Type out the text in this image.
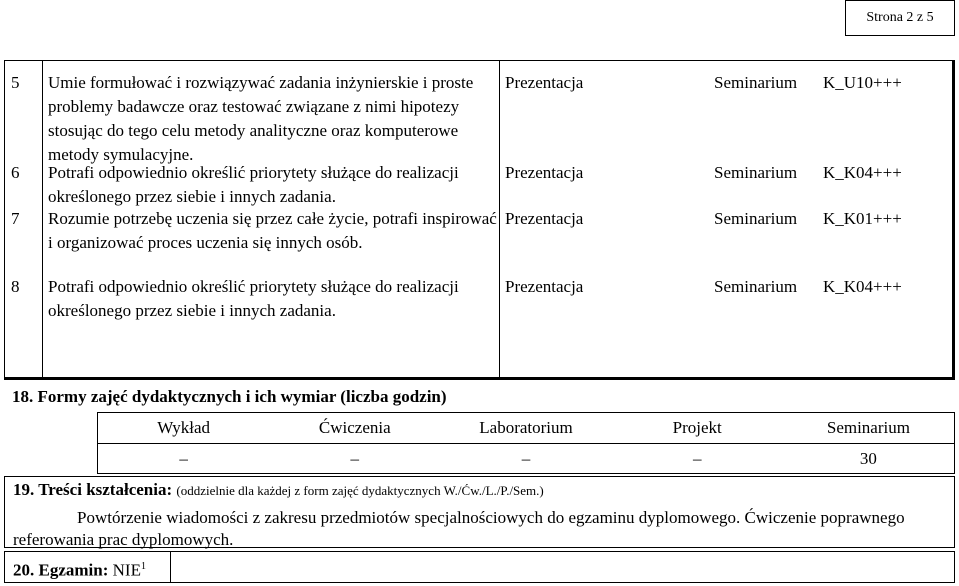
Strona 2 z 5
5 Umie formułować i rozwiązywać zadania inżynierskie i proste problemy badawcze oraz testować związane z nimi hipotezy stosując do tego celu metody analityczne oraz komputerowe metody symulacyjne.
Prezentacja	Seminarium K_U10+++
6 Potrafi odpowiednio określić priorytety służące do realizacji określonego przez siebie i innych zadania.
Prezentacja	Seminarium K_K04+++
7 Rozumie potrzebę uczenia się przez całe życie, potrafi inspirować i organizować proces uczenia się innych osób.
Prezentacja	Seminarium K_K01+++
8 Potrafi odpowiednio określić priorytety służące do realizacji określonego przez siebie i innych zadania.
Prezentacja	Seminarium K_K04+++
18. Formy zajęć dydaktycznych i ich wymiar (liczba godzin)
Wykład	Ćwiczenia	Laboratorium	Projekt	Seminarium
–	–	–	–	30
19. Treści kształcenia: (oddzielnie dla każdej z form zajęć dydaktycznych W./Ćw./L./P./Sem.)
Powtórzenie wiadomości z zakresu przedmiotów specjalnościowych do egzaminu dyplomowego. Ćwiczenie poprawnego referowania prac dyplomowych.
20. Egzamin: NIE$^1$
